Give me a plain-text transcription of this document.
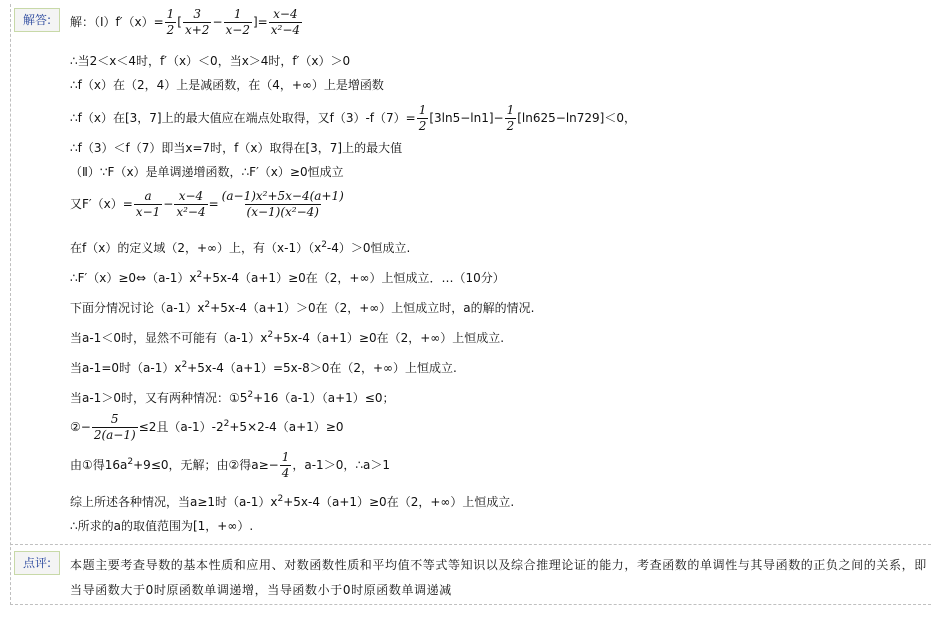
解答:	解：（Ⅰ）f′（x）= $\frac{1}{2}$ [ $\frac{3}{x+2} - \frac{1}{x-2}$ ]= $\frac{x-4}{\text{x²−4}}$
∴当2＜x＜4时，f′（x）＜0，当x＞4时，f′（x）＞0
∴f（x）在（2，4）上是减函数，在（4，+∞）上是增函数
∴f（x）在[3，7]上的最大值应在端点处取得，又$f(3)-f(7)= \frac{1}{2} [3\ln 5-\ln 1]- \frac{1}{2} [\ln 625-\ln 729]<0$，
∴f（3）＜f（7）即当x=7时，f（x）取得在[3，7]上的最大值
（Ⅱ）∵F（x）是单调递增函数，∴F′（x）≥0恒成立
又$F'(x)= \frac{a}{x-1} - \frac{x-4}{\text{x²−4}} = \frac{\text{(a−1)x²+5x−4(a+1)}}{\text{(x−1)(x²−4)}}$
在f（x）的定义域（2，+∞）上，有$(x-1)(x^2-4)>0$恒成立.
$\therefore F'(x)\ge 0\Leftrightarrow(a-1)x^2+5x-4(a+1)\ge 0$在（2，+∞）上恒成立．…（10分）
下面分情况讨论$(a-1)x^2+5x-4(a+1)>0$在（2，+∞）上恒成立时，a的解的情况.
当a-1＜0时，显然不可能有$(a-1)x^2+5x-4(a+1)\ge 0$在（2，+∞）上恒成立.
当a-1=0时$(a-1)x^2+5x-4(a+1)=5x-8>0$在（2，+∞）上恒成立.
当a-1＞0时，又有两种情况：$①5^2+16(a-1)(a+1)\le 0$；
②− $\frac{5}{2(a-1)} \le 2$且$(a-1)-2^2+5\times 2-4(a+1)\ge 0$
由①得$16a^2+9\le 0$，无解；由②得$a\ge- \frac{1}{4}$ ，a-1＞0，∴a＞1
综上所述各种情况，当a≥1时$(a-1)x^2+5x-4(a+1)\ge 0$在（2，+∞）上恒成立.
∴所求的a的取值范围为[1，+∞）.
点评:	本题主要考查导数的基本性质和应用、对数函数性质和平均值不等式等知识以及综合推理论证的能力，考查函数的单调性与其导函数的正负之间的关系，即当导函数大于0时原函数单调递增，当导函数小于0时原函数单调递减
